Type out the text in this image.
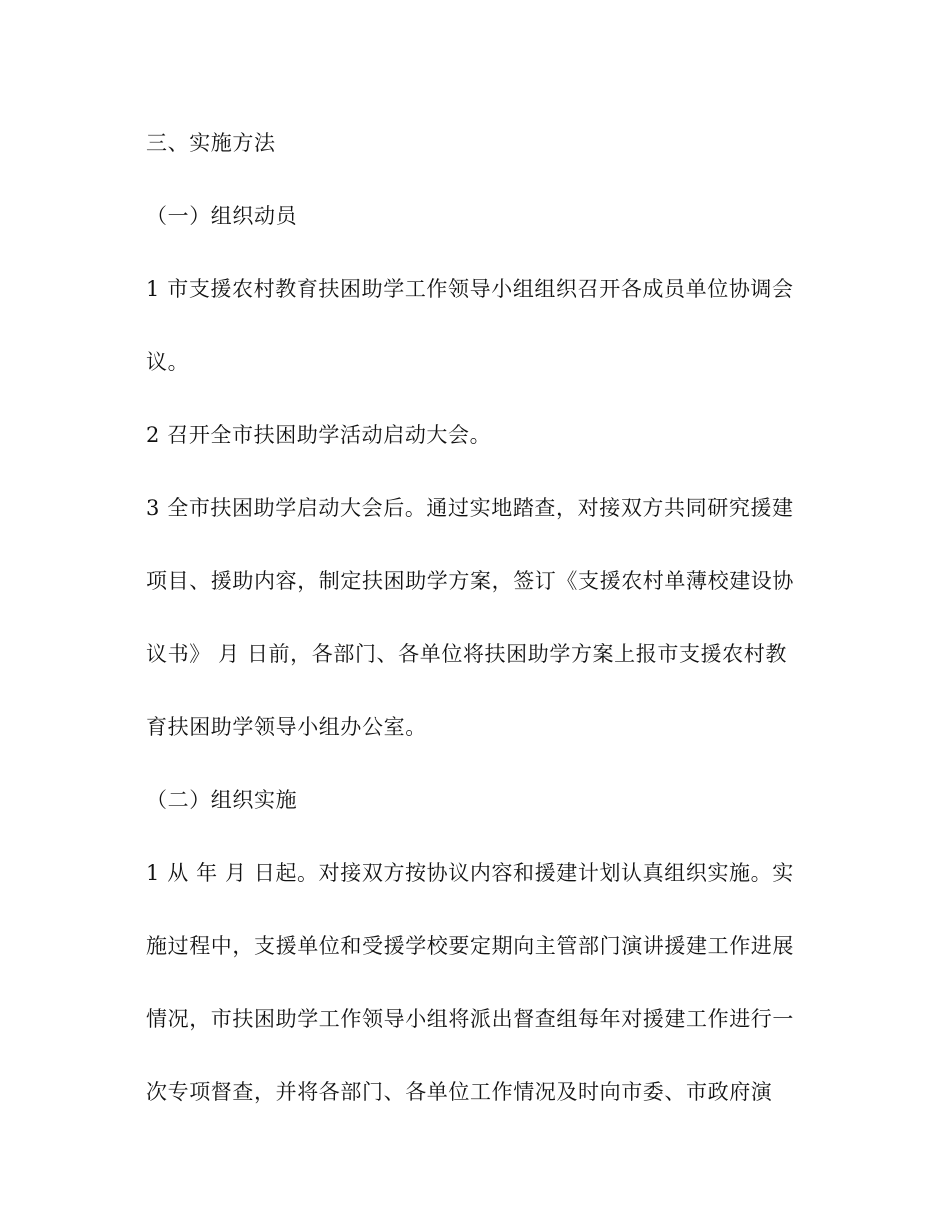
三、实施方法
（一）组织动员
1 市支援农村教育扶困助学工作领导小组组织召开各成员单位协调会
议。
2 召开全市扶困助学活动启动大会。
3 全市扶困助学启动大会后。通过实地踏查，对接双方共同研究援建
项目、援助内容，制定扶困助学方案，签订《支援农村单薄校建设协
议书》 月 日前，各部门、各单位将扶困助学方案上报市支援农村教
育扶困助学领导小组办公室。
（二）组织实施
1 从 年 月 日起。对接双方按协议内容和援建计划认真组织实施。实
施过程中，支援单位和受援学校要定期向主管部门演讲援建工作进展
情况，市扶困助学工作领导小组将派出督查组每年对援建工作进行一
次专项督查，并将各部门、各单位工作情况及时向市委、市政府演
